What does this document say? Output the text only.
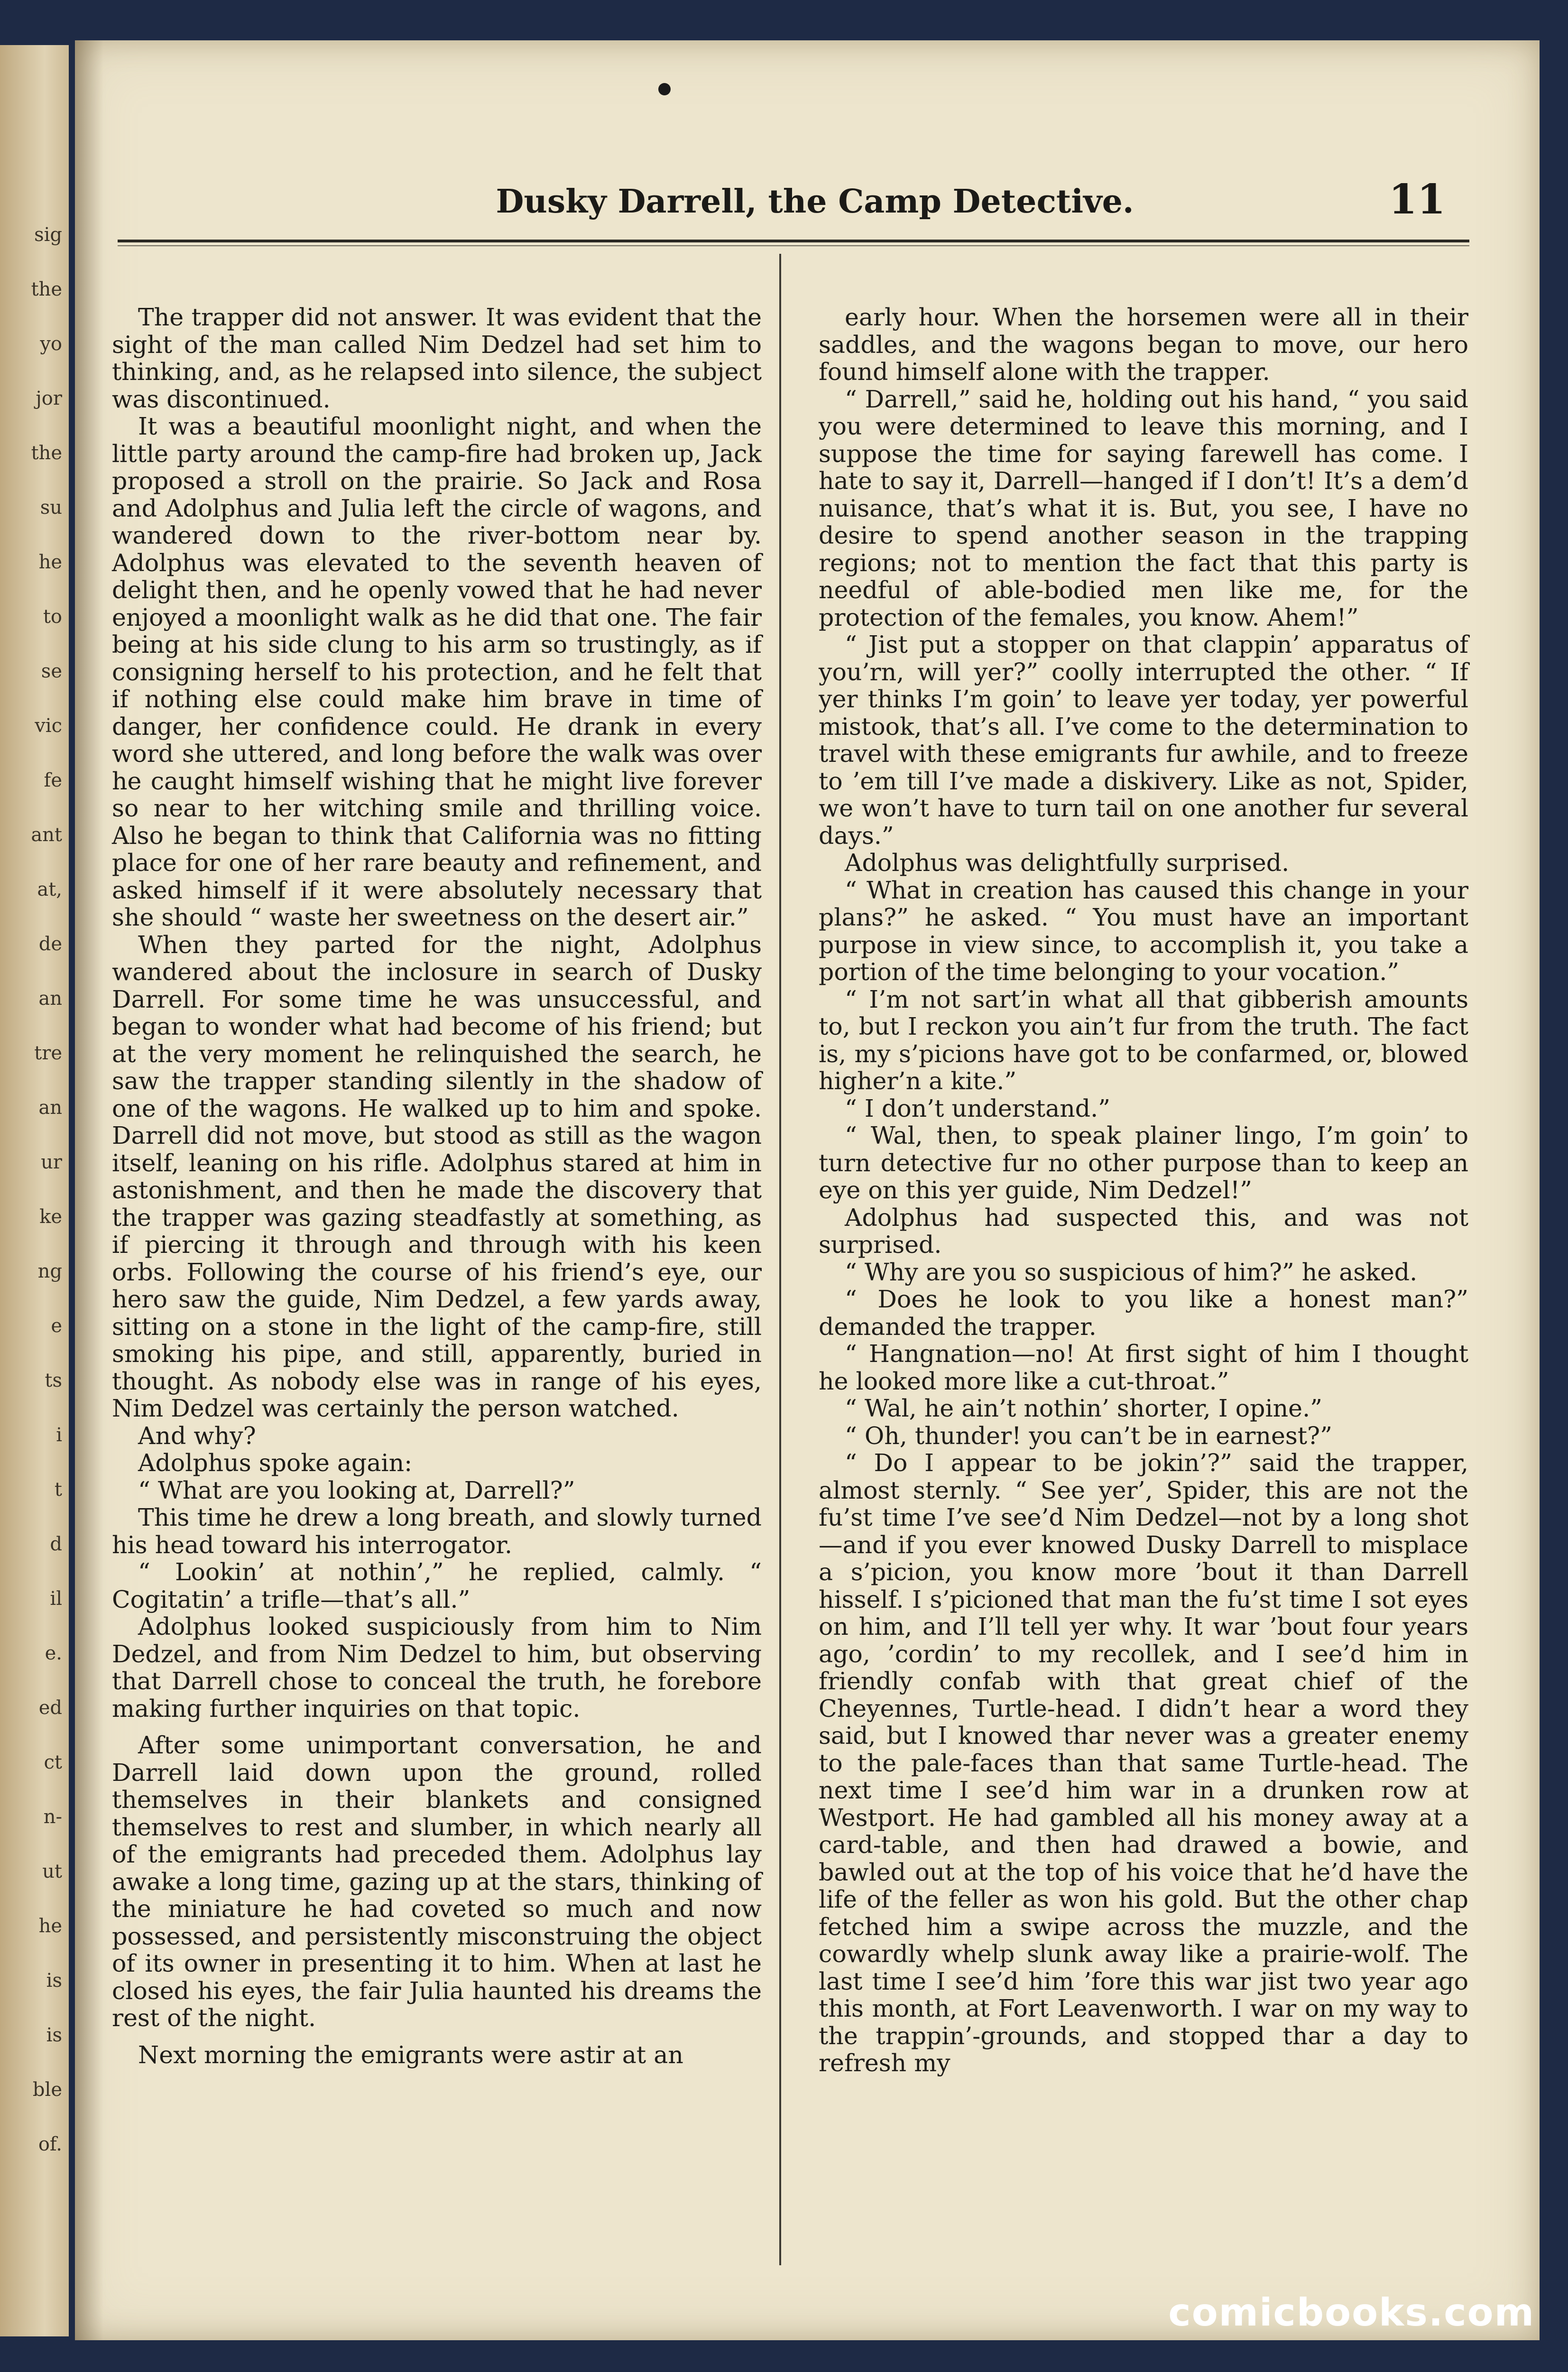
sig
the
yo
jor
the
su
he
to
se
vic
fe
ant
at,
de
an
tre
an
ur
ke
ng
e
ts
i
t
d
il
e.
ed
ct
n-
ut
he
is
is
ble
of.
Dusky Darrell, the Camp Detective.	11

The trapper did not answer. It was evident that the sight of the man called Nim Dedzel had set him to thinking, and, as he relapsed into silence, the subject was discontinued.

It was a beautiful moonlight night, and when the little party around the camp-fire had broken up, Jack proposed a stroll on the prairie. So Jack and Rosa and Adolphus and Julia left the circle of wagons, and wandered down to the river-bottom near by. Adolphus was elevated to the seventh heaven of delight then, and he openly vowed that he had never enjoyed a moonlight walk as he did that one. The fair being at his side clung to his arm so trustingly, as if consigning herself to his protection, and he felt that if nothing else could make him brave in time of danger, her confidence could. He drank in every word she uttered, and long before the walk was over he caught himself wishing that he might live forever so near to her witching smile and thrilling voice. Also he began to think that California was no fitting place for one of her rare beauty and refinement, and asked himself if it were absolutely necessary that she should “ waste her sweetness on the desert air.”

When they parted for the night, Adolphus wandered about the inclosure in search of Dusky Darrell. For some time he was unsuccessful, and began to wonder what had become of his friend; but at the very moment he relinquished the search, he saw the trapper standing silently in the shadow of one of the wagons. He walked up to him and spoke. Darrell did not move, but stood as still as the wagon itself, leaning on his rifle. Adolphus stared at him in astonishment, and then he made the discovery that the trapper was gazing steadfastly at something, as if piercing it through and through with his keen orbs. Following the course of his friend’s eye, our hero saw the guide, Nim Dedzel, a few yards away, sitting on a stone in the light of the camp-fire, still smoking his pipe, and still, apparently, buried in thought. As nobody else was in range of his eyes, Nim Dedzel was certainly the person watched.

And why?

Adolphus spoke again:

“ What are you looking at, Darrell?”

This time he drew a long breath, and slowly turned his head toward his interrogator.

“ Lookin’ at nothin’,” he replied, calmly. “ Cogitatin’ a trifle—that’s all.”

Adolphus looked suspiciously from him to Nim Dedzel, and from Nim Dedzel to him, but observing that Darrell chose to conceal the truth, he forebore making further inquiries on that topic.

After some unimportant conversation, he and Darrell laid down upon the ground, rolled themselves in their blankets and consigned themselves to rest and slumber, in which nearly all of the emigrants had preceded them. Adolphus lay awake a long time, gazing up at the stars, thinking of the miniature he had coveted so much and now possessed, and persistently misconstruing the object of its owner in presenting it to him. When at last he closed his eyes, the fair Julia haunted his dreams the rest of the night.

Next morning the emigrants were astir at an

early hour. When the horsemen were all in their saddles, and the wagons began to move, our hero found himself alone with the trapper.

“ Darrell,” said he, holding out his hand, “ you said you were determined to leave this morning, and I suppose the time for saying farewell has come. I hate to say it, Darrell—hanged if I don’t! It’s a dem’d nuisance, that’s what it is. But, you see, I have no desire to spend another season in the trapping regions; not to mention the fact that this party is needful of able-bodied men like me, for the protection of the females, you know. Ahem!”

“ Jist put a stopper on that clappin’ apparatus of you’rn, will yer?” coolly interrupted the other. “ If yer thinks I’m goin’ to leave yer today, yer powerful mistook, that’s all. I’ve come to the determination to travel with these emigrants fur awhile, and to freeze to ’em till I’ve made a diskivery. Like as not, Spider, we won’t have to turn tail on one another fur several days.”

Adolphus was delightfully surprised.

“ What in creation has caused this change in your plans?” he asked. “ You must have an important purpose in view since, to accomplish it, you take a portion of the time belonging to your vocation.”

“ I’m not sart’in what all that gibberish amounts to, but I reckon you ain’t fur from the truth. The fact is, my s’picions have got to be confarmed, or, blowed higher’n a kite.”

“ I don’t understand.”

“ Wal, then, to speak plainer lingo, I’m goin’ to turn detective fur no other purpose than to keep an eye on this yer guide, Nim Dedzel!”

Adolphus had suspected this, and was not surprised.

“ Why are you so suspicious of him?” he asked.

“ Does he look to you like a honest man?” demanded the trapper.

“ Hangnation—no! At first sight of him I thought he looked more like a cut-throat.”

“ Wal, he ain’t nothin’ shorter, I opine.”

“ Oh, thunder! you can’t be in earnest?”

“ Do I appear to be jokin’?” said the trapper, almost sternly. “ See yer’, Spider, this are not the fu’st time I’ve see’d Nim Dedzel—not by a long shot—and if you ever knowed Dusky Darrell to misplace a s’picion, you know more ’bout it than Darrell hisself. I s’picioned that man the fu’st time I sot eyes on him, and I’ll tell yer why. It war ’bout four years ago, ’cordin’ to my recollek, and I see’d him in friendly confab with that great chief of the Cheyennes, Turtle-head. I didn’t hear a word they said, but I knowed thar never was a greater enemy to the pale-faces than that same Turtle-head. The next time I see’d him war in a drunken row at Westport. He had gambled all his money away at a card-table, and then had drawed a bowie, and bawled out at the top of his voice that he’d have the life of the feller as won his gold. But the other chap fetched him a swipe across the muzzle, and the cowardly whelp slunk away like a prairie-wolf. The last time I see’d him ’fore this war jist two year ago this month, at Fort Leavenworth. I war on my way to the trappin’-grounds, and stopped thar a day to refresh my

comicbooks.com
